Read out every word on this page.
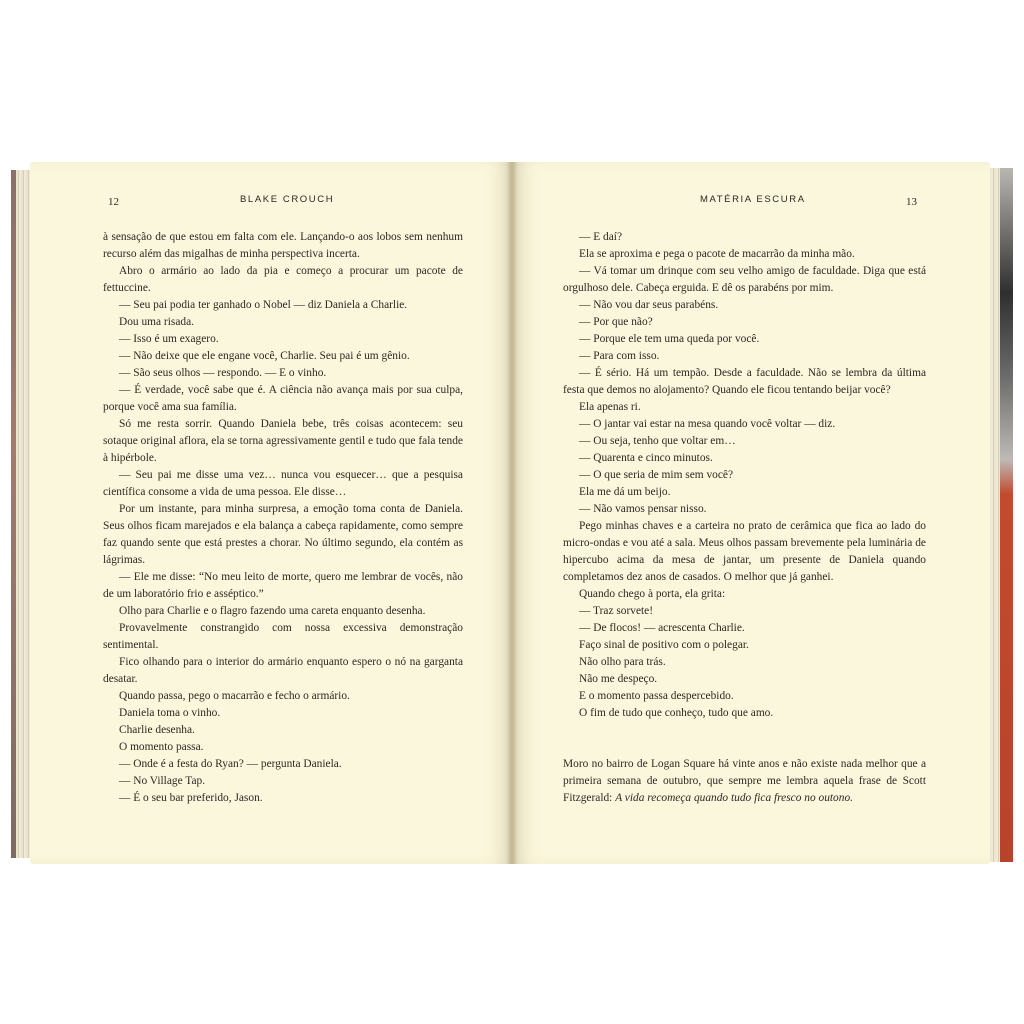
12	BLAKE CROUCH

à sensação de que estou em falta com ele. Lançando-o aos lobos sem nenhum recurso além das migalhas de minha perspectiva incerta.

Abro o armário ao lado da pia e começo a procurar um pacote de fettuccine.

— Seu pai podia ter ganhado o Nobel — diz Daniela a Charlie.

Dou uma risada.

— Isso é um exagero.

— Não deixe que ele engane você, Charlie. Seu pai é um gênio.

— São seus olhos — respondo. — E o vinho.

— É verdade, você sabe que é. A ciência não avança mais por sua culpa, porque você ama sua família.

Só me resta sorrir. Quando Daniela bebe, três coisas acontecem: seu sotaque original aflora, ela se torna agressivamente gentil e tudo que fala tende à hipérbole.

— Seu pai me disse uma vez… nunca vou esquecer… que a pesquisa científica consome a vida de uma pessoa. Ele disse…

Por um instante, para minha surpresa, a emoção toma conta de Daniela. Seus olhos ficam marejados e ela balança a cabeça rapidamente, como sempre faz quando sente que está prestes a chorar. No último segundo, ela contém as lágrimas.

— Ele me disse: “No meu leito de morte, quero me lembrar de vocês, não de um laboratório frio e asséptico.”

Olho para Charlie e o flagro fazendo uma careta enquanto desenha.

Provavelmente constrangido com nossa excessiva demonstração sentimental.

Fico olhando para o interior do armário enquanto espero o nó na garganta desatar.

Quando passa, pego o macarrão e fecho o armário.

Daniela toma o vinho.

Charlie desenha.

O momento passa.

— Onde é a festa do Ryan? — pergunta Daniela.

— No Village Tap.

— É o seu bar preferido, Jason.

MATÉRIA ESCURA	13

— E daí?

Ela se aproxima e pega o pacote de macarrão da minha mão.

— Vá tomar um drinque com seu velho amigo de faculdade. Diga que está orgulhoso dele. Cabeça erguida. E dê os parabéns por mim.

— Não vou dar seus parabéns.

— Por que não?

— Porque ele tem uma queda por você.

— Para com isso.

— É sério. Há um tempão. Desde a faculdade. Não se lembra da última festa que demos no alojamento? Quando ele ficou tentando beijar você?

Ela apenas ri.

— O jantar vai estar na mesa quando você voltar — diz.

— Ou seja, tenho que voltar em…

— Quarenta e cinco minutos.

— O que seria de mim sem você?

Ela me dá um beijo.

— Não vamos pensar nisso.

Pego minhas chaves e a carteira no prato de cerâmica que fica ao lado do micro-ondas e vou até a sala. Meus olhos passam brevemente pela luminária de hipercubo acima da mesa de jantar, um presente de Daniela quando completamos dez anos de casados. O melhor que já ganhei.

Quando chego à porta, ela grita:

— Traz sorvete!

— De flocos! — acrescenta Charlie.

Faço sinal de positivo com o polegar.

Não olho para trás.

Não me despeço.

E o momento passa despercebido.

O fim de tudo que conheço, tudo que amo.

Moro no bairro de Logan Square há vinte anos e não existe nada melhor que a primeira semana de outubro, que sempre me lembra aquela frase de Scott Fitzgerald: A vida recomeça quando tudo fica fresco no outono.
